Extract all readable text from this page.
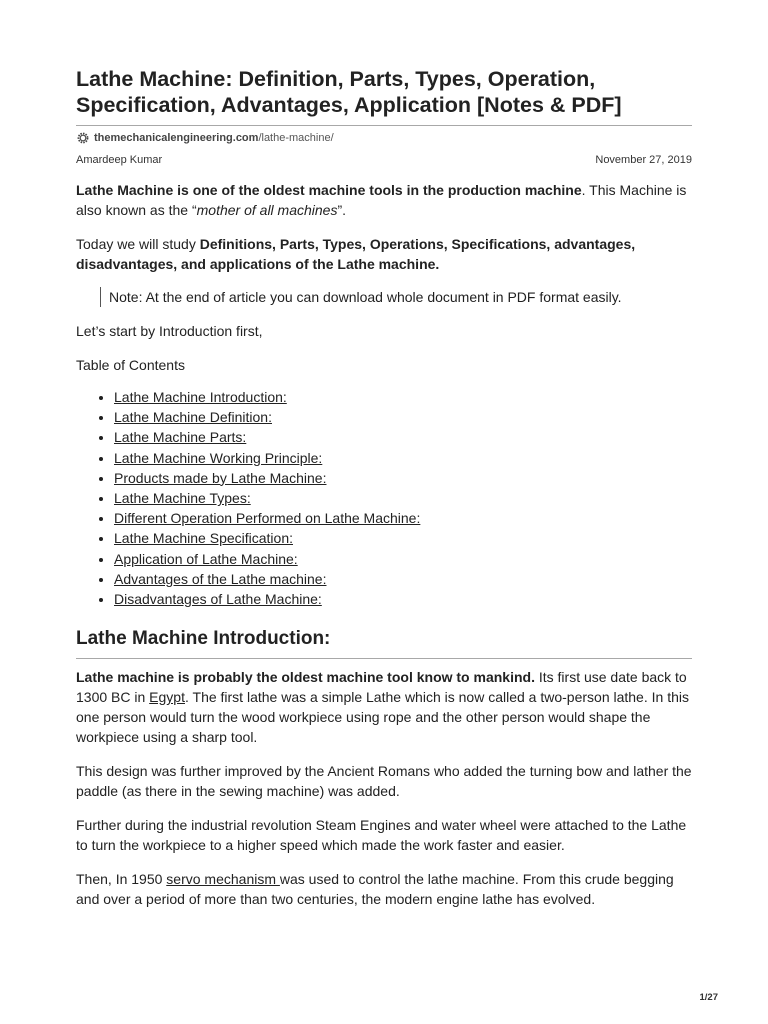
Lathe Machine: Definition, Parts, Types, Operation, Specification, Advantages, Application [Notes & PDF]
themechanicalengineering.com /lathe-machine/
Amardeep Kumar	November 27, 2019

Lathe Machine is one of the oldest machine tools in the production machine. This Machine is also known as the “mother of all machines”.

Today we will study Definitions, Parts, Types, Operations, Specifications, advantages, disadvantages, and applications of the Lathe machine.

Note: At the end of article you can download whole document in PDF format easily.

Let’s start by Introduction first,

Table of Contents

• Lathe Machine Introduction:
• Lathe Machine Definition:
• Lathe Machine Parts:
• Lathe Machine Working Principle:
• Products made by Lathe Machine:
• Lathe Machine Types:
• Different Operation Performed on Lathe Machine:
• Lathe Machine Specification:
• Application of Lathe Machine:
• Advantages of the Lathe machine:
• Disadvantages of Lathe Machine:
Lathe Machine Introduction:

Lathe machine is probably the oldest machine tool know to mankind. Its first use date back to 1300 BC in Egypt. The first lathe was a simple Lathe which is now called a two-person lathe. In this one person would turn the wood workpiece using rope and the other person would shape the workpiece using a sharp tool.

This design was further improved by the Ancient Romans who added the turning bow and lather the paddle (as there in the sewing machine) was added.

Further during the industrial revolution Steam Engines and water wheel were attached to the Lathe to turn the workpiece to a higher speed which made the work faster and easier.

Then, In 1950 servo mechanism was used to control the lathe machine. From this crude begging and over a period of more than two centuries, the modern engine lathe has evolved.

1/27
